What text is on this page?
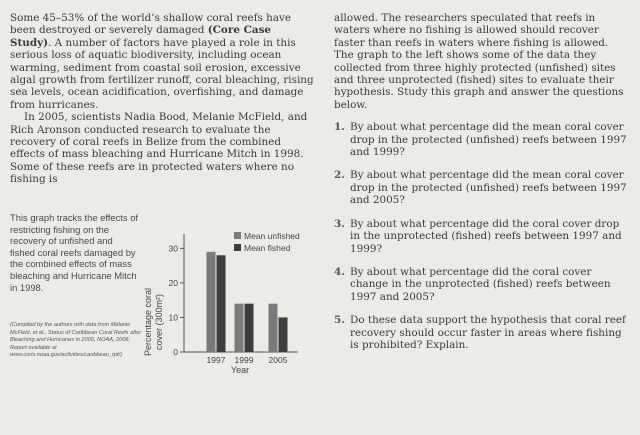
Some 45–53% of the world’s shallow coral reefs have been destroyed or severely damaged (Core Case Study). A number of factors have played a role in this serious loss of aquatic biodiversity, including ocean warming, sediment from coastal soil erosion, excessive algal growth from fertilizer runoff, coral bleaching, rising sea levels, ocean acidification, overfishing, and damage from hurricanes.

In 2005, scientists Nadia Bood, Melanie McField, and Rich Aronson conducted research to evaluate the recovery of coral reefs in Belize from the combined effects of mass bleaching and Hurricane Mitch in 1998. Some of these reefs are in protected waters where no fishing is

This graph tracks the effects of restricting fishing on the recovery of unfished and fished coral reefs damaged by the combined effects of mass bleaching and Hurricane Mitch in 1998.
(Compiled by the authors with data from Melanie McField, et al., Status of Caribbean Coral Reefs after Bleaching and Hurricanes in 2005, NOAA, 2008, Report available at www.coris.noaa.gov/activities/caribbean_rpt/)	Percentage coral cover (300m²)
0
10
20
30
1997 1999 2005
Year
Mean unfished
Mean fished

allowed. The researchers speculated that reefs in waters where no fishing is allowed should recover faster than reefs in waters where fishing is allowed. The graph to the left shows some of the data they collected from three highly protected (unfished) sites and three unprotected (fished) sites to evaluate their hypothesis. Study this graph and answer the questions below.

1. By about what percentage did the mean coral cover drop in the protected (unfished) reefs between 1997 and 1999?
2. By about what percentage did the mean coral cover drop in the protected (unfished) reefs between 1997 and 2005?
3. By about what percentage did the coral cover drop in the unprotected (fished) reefs between 1997 and 1999?
4. By about what percentage did the coral cover change in the unprotected (fished) reefs between 1997 and 2005?
5. Do these data support the hypothesis that coral reef recovery should occur faster in areas where fishing is prohibited? Explain.
